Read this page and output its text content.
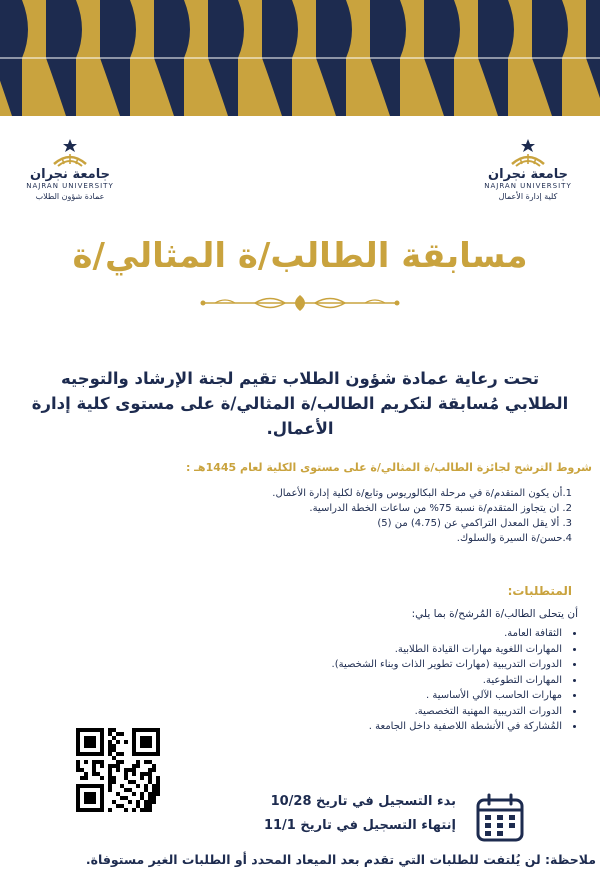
جامعة نجران
NAJRAN UNIVERSITY
عمادة شؤون الطلاب
جامعة نجران
NAJRAN UNIVERSITY
كلية إدارة الأعمال
مسابقة الطالب/ة المثالي/ة
تحت رعاية عمادة شؤون الطلاب تقيم لجنة الإرشاد والتوجيه الطلابي مُسابقة لتكريم الطالب/ة المثالي/ة على مستوى كلية إدارة الأعمال.
شروط الترشح لجائزة الطالب/ة المثالي/ة على مستوى الكلية لعام 1445هـ :
1.أن يكون المتقدم/ة في مرحلة البكالوريوس وتابع/ة لكلية إدارة الأعمال.
2. ان يتجاوز المتقدم/ة نسبة 75% من ساعات الخطة الدراسية.
3. ألا يقل المعدل التراكمي عن (4.75) من (5)
4.حسن/ة السيرة والسلوك.
المتطلبات:
أن يتحلى الطالب/ة المُرشح/ة بما يلي:
• الثقافة العامة.
• المهارات اللغوية مهارات القيادة الطلابية.
• الدورات التدريبية (مهارات تطوير الذات وبناء الشخصية).
• المهارات التطوعية.
• مهارات الحاسب الآلي الأساسية .
• الدورات التدريبية المهنية التخصصية.
• المُشاركة في الأنشطة اللاصفية داخل الجامعة .
بدء التسجيل في تاريخ 10/28
إنتهاء التسجيل في تاريخ 11/1
ملاحظة: لن يُلتفت للطلبات التي تقدم بعد الميعاد المحدد أو الطلبات الغير مستوفاة.
